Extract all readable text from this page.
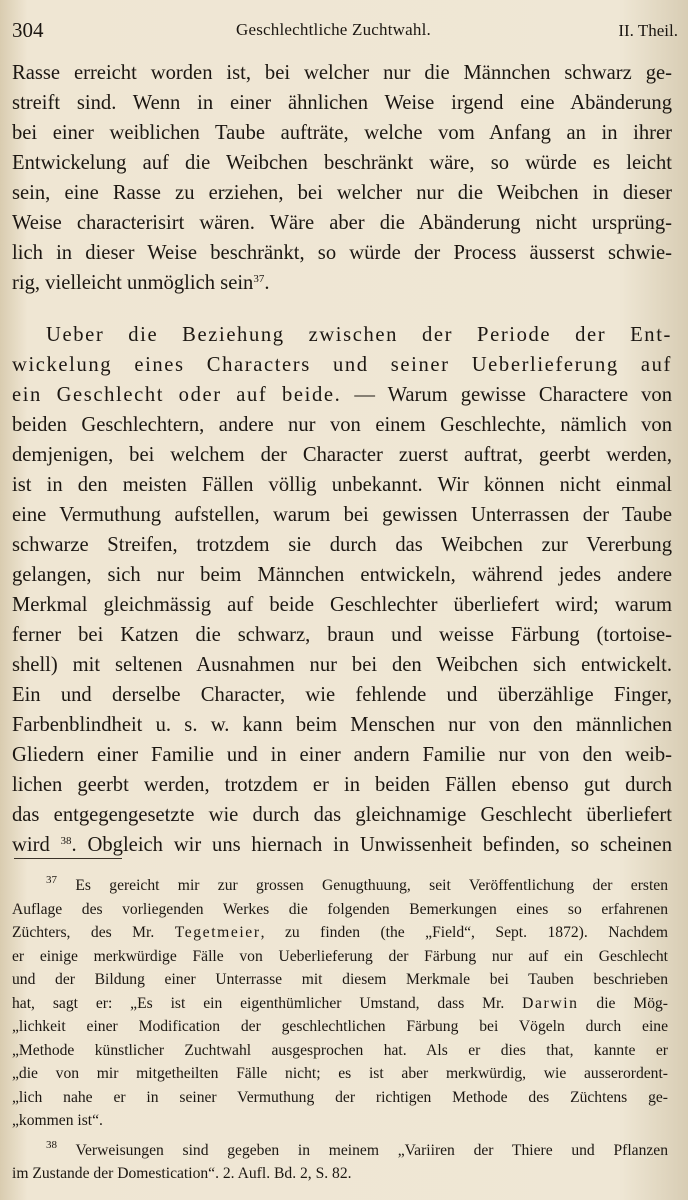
304	Geschlechtliche Zuchtwahl.	II. Theil.
Rasse erreicht worden ist, bei welcher nur die Männchen schwarz ge-
streift sind. Wenn in einer ähnlichen Weise irgend eine Abänderung
bei einer weiblichen Taube aufträte, welche vom Anfang an in ihrer
Entwickelung auf die Weibchen beschränkt wäre, so würde es leicht
sein, eine Rasse zu erziehen, bei welcher nur die Weibchen in dieser
Weise characterisirt wären. Wäre aber die Abänderung nicht ursprüng-
lich in dieser Weise beschränkt, so würde der Process äusserst schwie-
rig, vielleicht unmöglich sein$^{37}$.
Ueber die Beziehung zwischen der Periode der Ent-
wickelung eines Characters und seiner Ueberlieferung auf
ein Geschlecht oder auf beide. — Warum gewisse Charactere von
beiden Geschlechtern, andere nur von einem Geschlechte, nämlich von
demjenigen, bei welchem der Character zuerst auftrat, geerbt werden,
ist in den meisten Fällen völlig unbekannt. Wir können nicht einmal
eine Vermuthung aufstellen, warum bei gewissen Unterrassen der Taube
schwarze Streifen, trotzdem sie durch das Weibchen zur Vererbung
gelangen, sich nur beim Männchen entwickeln, während jedes andere
Merkmal gleichmässig auf beide Geschlechter überliefert wird; warum
ferner bei Katzen die schwarz, braun und weisse Färbung (tortoise-
shell) mit seltenen Ausnahmen nur bei den Weibchen sich entwickelt.
Ein und derselbe Character, wie fehlende und überzählige Finger,
Farbenblindheit u. s. w. kann beim Menschen nur von den männlichen
Gliedern einer Familie und in einer andern Familie nur von den weib-
lichen geerbt werden, trotzdem er in beiden Fällen ebenso gut durch
das entgegengesetzte wie durch das gleichnamige Geschlecht überliefert
wird $^{38}$. Obgleich wir uns hiernach in Unwissenheit befinden, so scheinen
$^{37}$ Es gereicht mir zur grossen Genugthuung, seit Veröffentlichung der ersten
Auflage des vorliegenden Werkes die folgenden Bemerkungen eines so erfahrenen
Züchters, des Mr. Tegetmeier, zu finden (the „Field“, Sept. 1872). Nachdem
er einige merkwürdige Fälle von Ueberlieferung der Färbung nur auf ein Geschlecht
und der Bildung einer Unterrasse mit diesem Merkmale bei Tauben beschrieben
hat, sagt er: „Es ist ein eigenthümlicher Umstand, dass Mr. Darwin die Mög-
„lichkeit einer Modification der geschlechtlichen Färbung bei Vögeln durch eine
„Methode künstlicher Zuchtwahl ausgesprochen hat. Als er dies that, kannte er
„die von mir mitgetheilten Fälle nicht; es ist aber merkwürdig, wie ausserordent-
„lich nahe er in seiner Vermuthung der richtigen Methode des Züchtens ge-
„kommen ist“.
$^{38}$ Verweisungen sind gegeben in meinem „Variiren der Thiere und Pflanzen
im Zustande der Domestication“. 2. Aufl. Bd. 2, S. 82.
